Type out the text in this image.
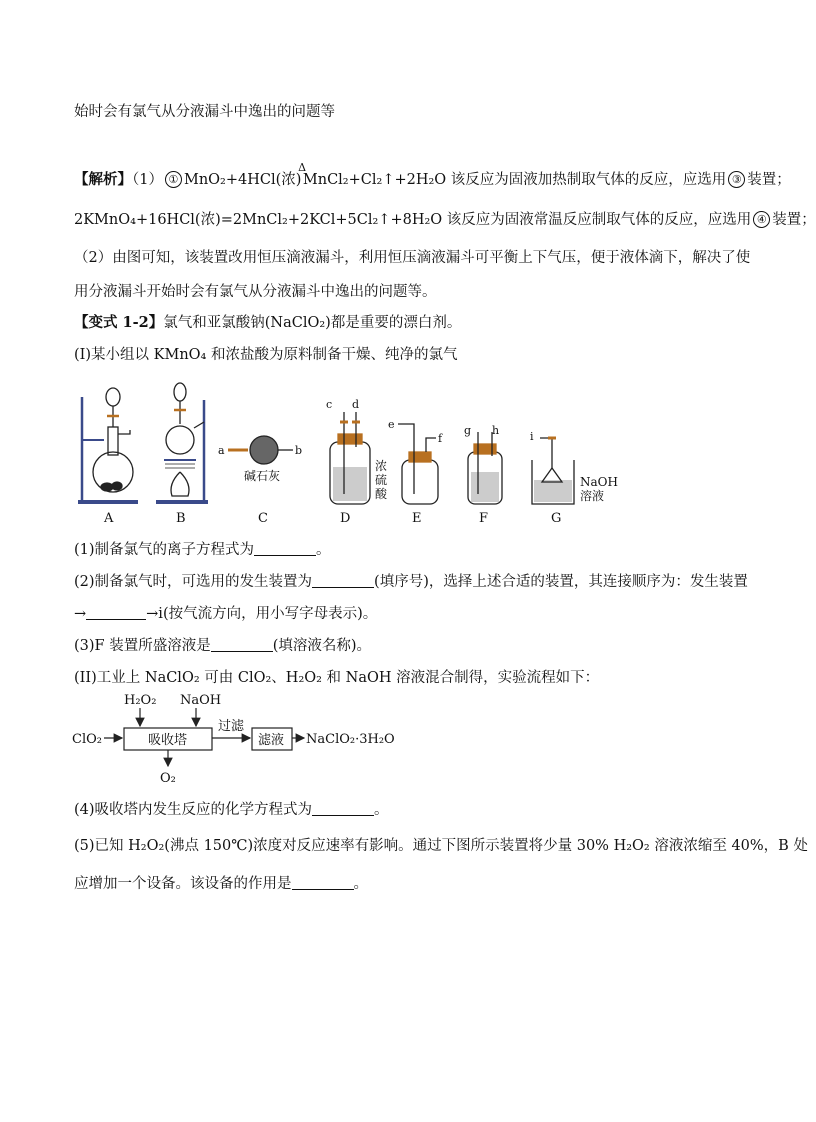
始时会有氯气从分液漏斗中逸出的问题等
【解析】（1） ① MnO₂+4HCl(浓)
Δ
 MnCl₂+Cl₂↑+2H₂O 该反应为固液加热制取气体的反应，应选用 ③ 装置；
2KMnO₄+16HCl(浓)=2MnCl₂+2KCl+5Cl₂↑+8H₂O 该反应为固液常温反应制取气体的反应，应选用 ④ 装置；
（2）由图可知，该装置改用恒压滴液漏斗，利用恒压滴液漏斗可平衡上下气压，便于液体滴下，解决了使
用分液漏斗开始时会有氯气从分液漏斗中逸出的问题等。
【变式 1-2】氯气和亚氯酸钠(NaClO₂)都是重要的漂白剂。
(I)某小组以 KMnO₄ 和浓盐酸为原料制备干燥、纯净的氯气
A	B	C	D	E	F	G
a	b
碱石灰
c d
浓
硫
酸
e
f
g h	i
NaOH
溶液
(1)制备氯气的离子方程式为	。
(2)制备氯气时，可选用的发生装置为	(填序号)，选择上述合适的装置，其连接顺序为：发生装置
→	→i(按气流方向，用小写字母表示)。
(3)F 装置所盛溶液是	(填溶液名称)。
(II)工业上 NaClO₂ 可由 ClO₂、H₂O₂ 和 NaOH 溶液混合制得，实验流程如下：
H₂O₂ NaOH
ClO₂	吸收塔
过滤
滤液 NaClO₂·3H₂O
O₂
(4)吸收塔内发生反应的化学方程式为	。
(5)已知 H₂O₂(沸点 150℃)浓度对反应速率有影响。通过下图所示装置将少量 30% H₂O₂ 溶液浓缩至 40%，B 处
应增加一个设备。该设备的作用是	。
